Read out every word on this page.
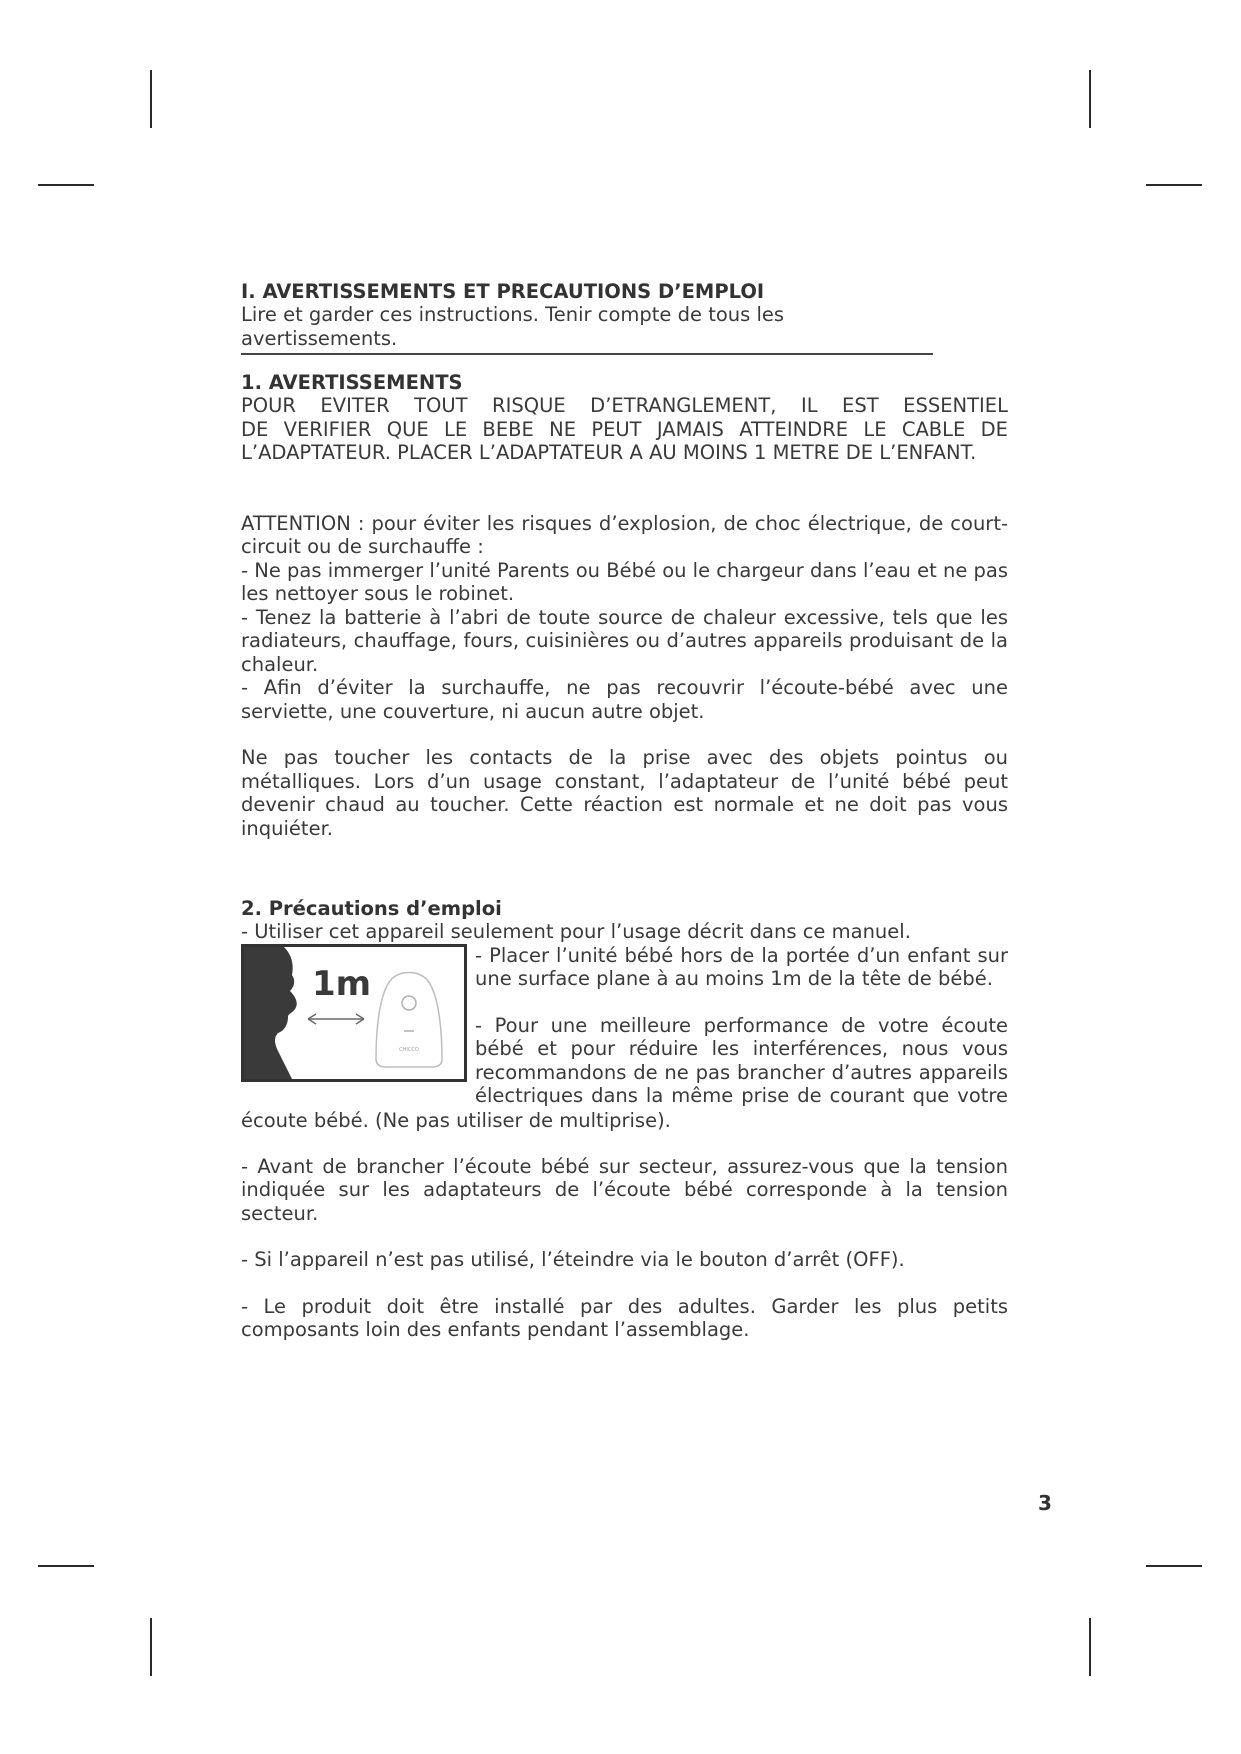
I. AVERTISSEMENTS ET PRECAUTIONS D’EMPLOI

Lire et garder ces instructions. Tenir compte de tous les avertissements.

1. AVERTISSEMENTS

POUR EVITER TOUT RISQUE D’ETRANGLEMENT, IL EST ESSENTIEL

DE VERIFIER QUE LE BEBE NE PEUT JAMAIS ATTEINDRE LE CABLE DE

L’ADAPTATEUR. PLACER L’ADAPTATEUR A AU MOINS 1 METRE DE L’ENFANT.

ATTENTION : pour éviter les risques d’explosion, de choc électrique, de court-circuit ou de surchauffe :

- Ne pas immerger l’unité Parents ou Bébé ou le chargeur dans l’eau et ne pas les nettoyer sous le robinet.

- Tenez la batterie à l’abri de toute source de chaleur excessive, tels que les radiateurs, chauffage, fours, cuisinières ou d’autres appareils produisant de la chaleur.

- Afin d’éviter la surchauffe, ne pas recouvrir l’écoute-bébé avec une serviette, une couverture, ni aucun autre objet.

Ne pas toucher les contacts de la prise avec des objets pointus ou métalliques. Lors d’un usage constant, l’adaptateur de l’unité bébé peut devenir chaud au toucher. Cette réaction est normale et ne doit pas vous inquiéter.

2. Précautions d’emploi

- Utiliser cet appareil seulement pour l’usage décrit dans ce manuel.

1m
CHICCO

- Placer l’unité bébé hors de la portée d’un enfant sur une surface plane à au moins 1m de la tête de bébé.

- Pour une meilleure performance de votre écoute bébé et pour réduire les interférences, nous vous recommandons de ne pas brancher d’autres appareils électriques dans la même prise de courant que votre

écoute bébé. (Ne pas utiliser de multiprise).

- Avant de brancher l’écoute bébé sur secteur, assurez-vous que la tension indiquée sur les adaptateurs de l’écoute bébé corresponde à la tension secteur.

- Si l’appareil n’est pas utilisé, l’éteindre via le bouton d’arrêt (OFF).

- Le produit doit être installé par des adultes. Garder les plus petits composants loin des enfants pendant l’assemblage.

3
